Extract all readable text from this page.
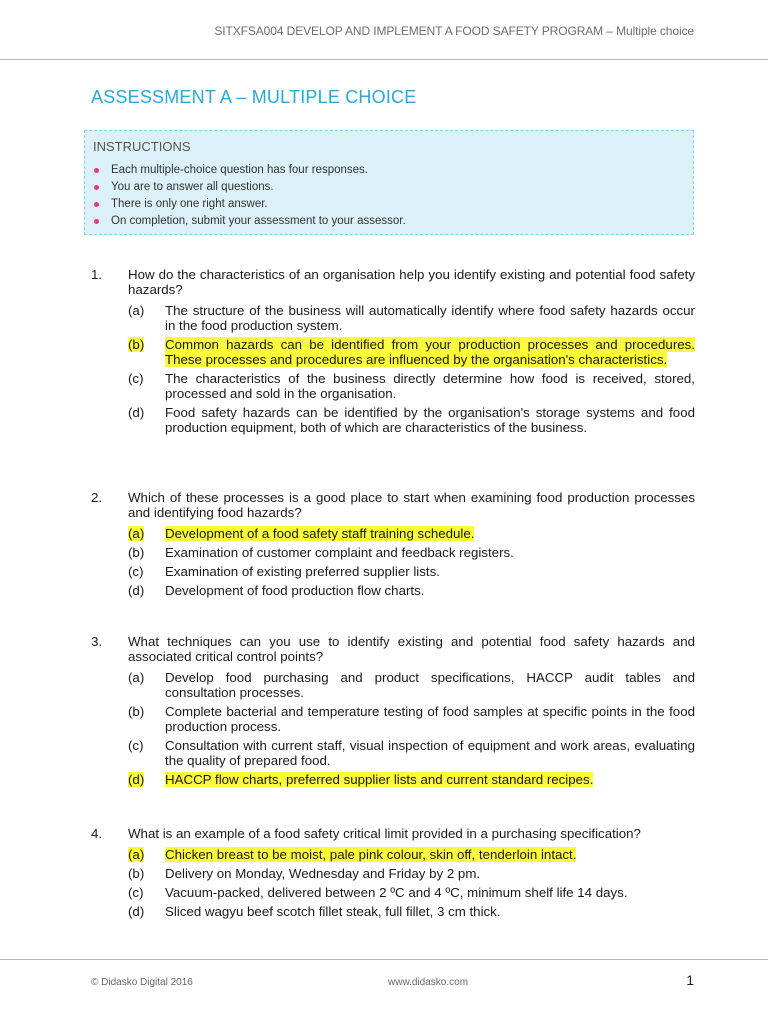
SITXFSA004 DEVELOP AND IMPLEMENT A FOOD SAFETY PROGRAM – Multiple choice
ASSESSMENT A – MULTIPLE CHOICE
INSTRUCTIONS
Each multiple-choice question has four responses.
You are to answer all questions.
There is only one right answer.
On completion, submit your assessment to your assessor.
1. How do the characteristics of an organisation help you identify existing and potential food safety hazards?
(a) The structure of the business will automatically identify where food safety hazards occur in the food production system.
(b) Common hazards can be identified from your production processes and procedures. These processes and procedures are influenced by the organisation's characteristics.
(c) The characteristics of the business directly determine how food is received, stored, processed and sold in the organisation.
(d) Food safety hazards can be identified by the organisation's storage systems and food production equipment, both of which are characteristics of the business.
2. Which of these processes is a good place to start when examining food production processes and identifying food hazards?
(a) Development of a food safety staff training schedule.
(b) Examination of customer complaint and feedback registers.
(c) Examination of existing preferred supplier lists.
(d) Development of food production flow charts.
3. What techniques can you use to identify existing and potential food safety hazards and associated critical control points?
(a) Develop food purchasing and product specifications, HACCP audit tables and consultation processes.
(b) Complete bacterial and temperature testing of food samples at specific points in the food production process.
(c) Consultation with current staff, visual inspection of equipment and work areas, evaluating the quality of prepared food.
(d) HACCP flow charts, preferred supplier lists and current standard recipes.
4. What is an example of a food safety critical limit provided in a purchasing specification?
(a) Chicken breast to be moist, pale pink colour, skin off, tenderloin intact.
(b) Delivery on Monday, Wednesday and Friday by 2 pm.
(c) Vacuum-packed, delivered between 2 ºC and 4 ºC, minimum shelf life 14 days.
(d) Sliced wagyu beef scotch fillet steak, full fillet, 3 cm thick.
© Didasko Digital 2016	www.didasko.com	1
